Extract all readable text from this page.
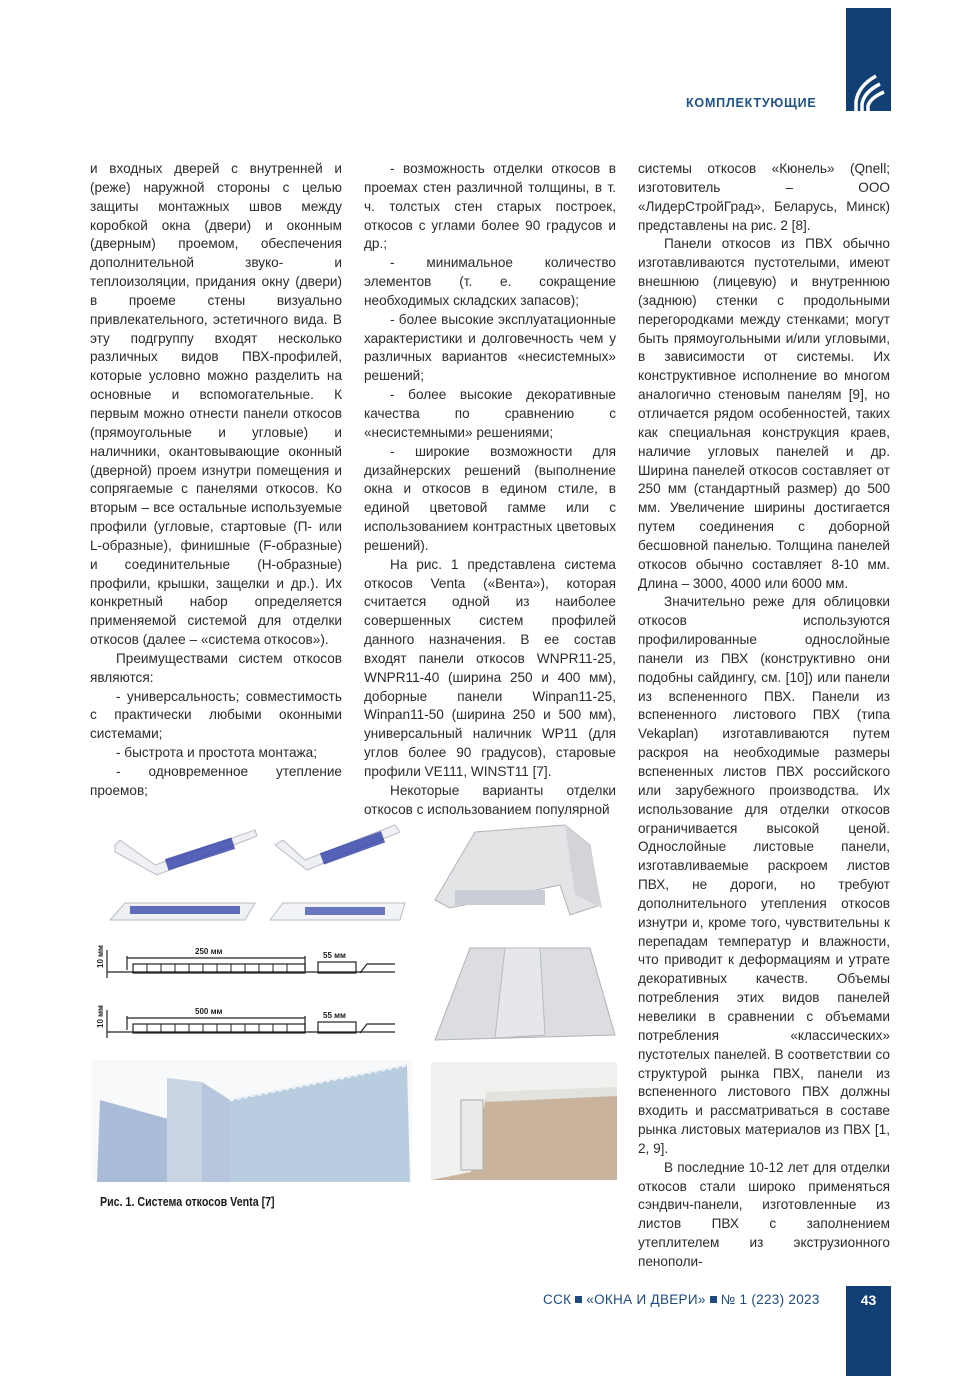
КОМПЛЕКТУЮЩИЕ

и входных дверей с внутренней и (реже) наружной стороны с целью защиты монтажных швов между коробкой окна (двери) и оконным (дверным) проемом, обеспечения дополнительной звуко- и теплоизоляции, придания окну (двери) в проеме стены визуально привлекательного, эстетичного вида. В эту подгруппу входят несколько различных видов ПВХ-профилей, которые условно можно разделить на основные и вспомогательные. К первым можно отнести панели откосов (прямоугольные и угловые) и наличники, окантовывающие оконный (дверной) проем изнутри помещения и сопрягаемые с панелями откосов. Ко вторым – все остальные используемые профили (угловые, стартовые (П- или L-образные), финишные (F-образные) и соединительные (Н-образные) профили, крышки, защелки и др.). Их конкретный набор определяется применяемой системой для отделки откосов (далее – «система откосов»).

Преимуществами систем откосов являются:

- универсальность; совместимость с практически любыми оконными системами;

- быстрота и простота монтажа;

- одновременное утепление проемов;

- возможность отделки откосов в проемах стен различной толщины, в т. ч. толстых стен старых построек, откосов с углами более 90 градусов и др.;

- минимальное количество элементов (т. е. сокращение необходимых складских запасов);

- более высокие эксплуатационные характеристики и долговечность чем у различных вариантов «несистемных» решений;

- более высокие декоративные качества по сравнению с «несистемными» решениями;

- широкие возможности для дизайнерских решений (выполнение окна и откосов в едином стиле, в единой цветовой гамме или с использованием контрастных цветовых решений).

На рис. 1 представлена система откосов Venta («Вента»), которая считается одной из наиболее совершенных систем профилей данного назначения. В ее состав входят панели откосов WNPR11-25, WNPR11-40 (ширина 250 и 400 мм), доборные панели Winpan11-25, Winpan11-50 (ширина 250 и 500 мм), универсальный наличник WP11 (для углов более 90 градусов), старовые профили VE111, WINST11 [7].

Некоторые варианты отделки откосов с использованием популярной

системы откосов «Кюнель» (Qnell; изготовитель – ООО «ЛидерСтройГрад», Беларусь, Минск) представлены на рис. 2 [8].

Панели откосов из ПВХ обычно изготавливаются пустотелыми, имеют внешнюю (лицевую) и внутреннюю (заднюю) стенки с продольными перегородками между стенками; могут быть прямоугольными и/или угловыми, в зависимости от системы. Их конструктивное исполнение во многом аналогично стеновым панелям [9], но отличается рядом особенностей, таких как специальная конструкция краев, наличие угловых панелей и др. Ширина панелей откосов составляет от 250 мм (стандартный размер) до 500 мм. Увеличение ширины достигается путем соединения с доборной бесшовной панелью. Толщина панелей откосов обычно составляет 8-10 мм. Длина – 3000, 4000 или 6000 мм.

Значительно реже для облицовки откосов используются профилированные однослойные панели из ПВХ (конструктивно они подобны сайдингу, см. [10]) или панели из вспененного ПВХ. Панели из вспененного листового ПВХ (типа Vekaplan) изготавливаются путем раскроя на необходимые размеры вспененных листов ПВХ российского или зарубежного производства. Их использование для отделки откосов ограничивается высокой ценой. Однослойные листовые панели, изготавливаемые раскроем листов ПВХ, не дороги, но требуют дополнительного утепления откосов изнутри и, кроме того, чувствительны к перепадам температур и влажности, что приводит к деформациям и утрате декоративных качеств. Объемы потребления этих видов панелей невелики в сравнении с объемами потребления «классических» пустотелых панелей. В соответствии со структурой рынка ПВХ, панели из вспененного листового ПВХ должны входить и рассматриваться в составе рынка листовых материалов из ПВХ [1, 2, 9].

В последние 10-12 лет для отделки откосов стали широко применяться сэндвич-панели, изготовленные из листов ПВХ с заполнением утеплителем из экструзионного пенополи-

10 мм
10 мм
250 мм	55 мм
500 мм	55 мм
Рис. 1. Система откосов Venta [7]
ССК «ОКНА И ДВЕРИ» № 1 (223) 2023	43
